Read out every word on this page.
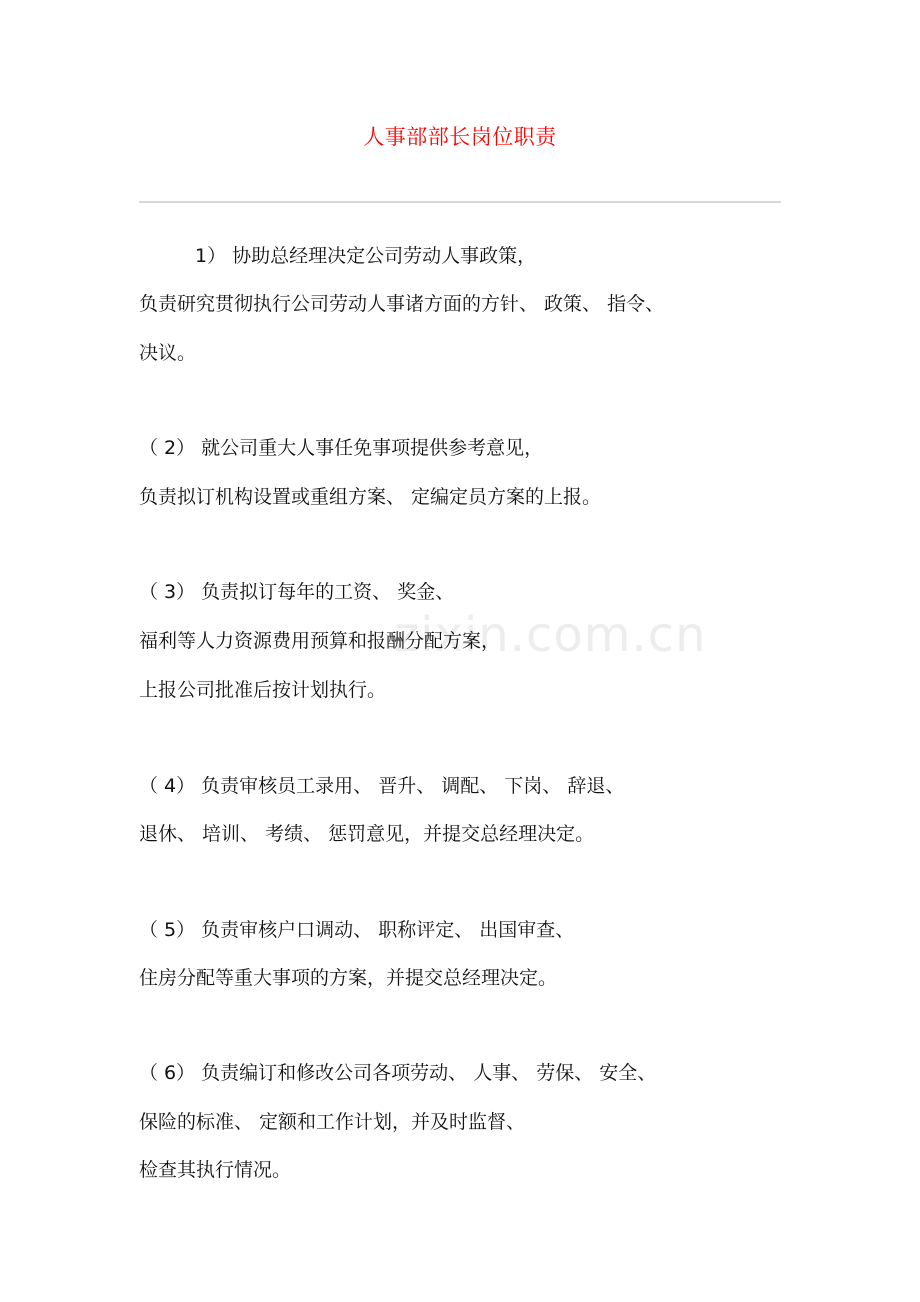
人事部部长岗位职责
zixin.com.cn
1） 协助总经理决定公司劳动人事政策，
负责研究贯彻执行公司劳动人事诸方面的方针、 政策、 指令、
决议。
（ 2） 就公司重大人事任免事项提供参考意见，
负责拟订机构设置或重组方案、 定编定员方案的上报。
（ 3） 负责拟订每年的工资、 奖金、
福利等人力资源费用预算和报酬分配方案，
上报公司批准后按计划执行。
（ 4） 负责审核员工录用、 晋升、 调配、 下岗、 辞退、
退休、 培训、 考绩、 惩罚意见，并提交总经理决定。
（ 5） 负责审核户口调动、 职称评定、 出国审查、
住房分配等重大事项的方案，并提交总经理决定。
（ 6） 负责编订和修改公司各项劳动、 人事、 劳保、 安全、
保险的标准、 定额和工作计划，并及时监督、
检查其执行情况。
